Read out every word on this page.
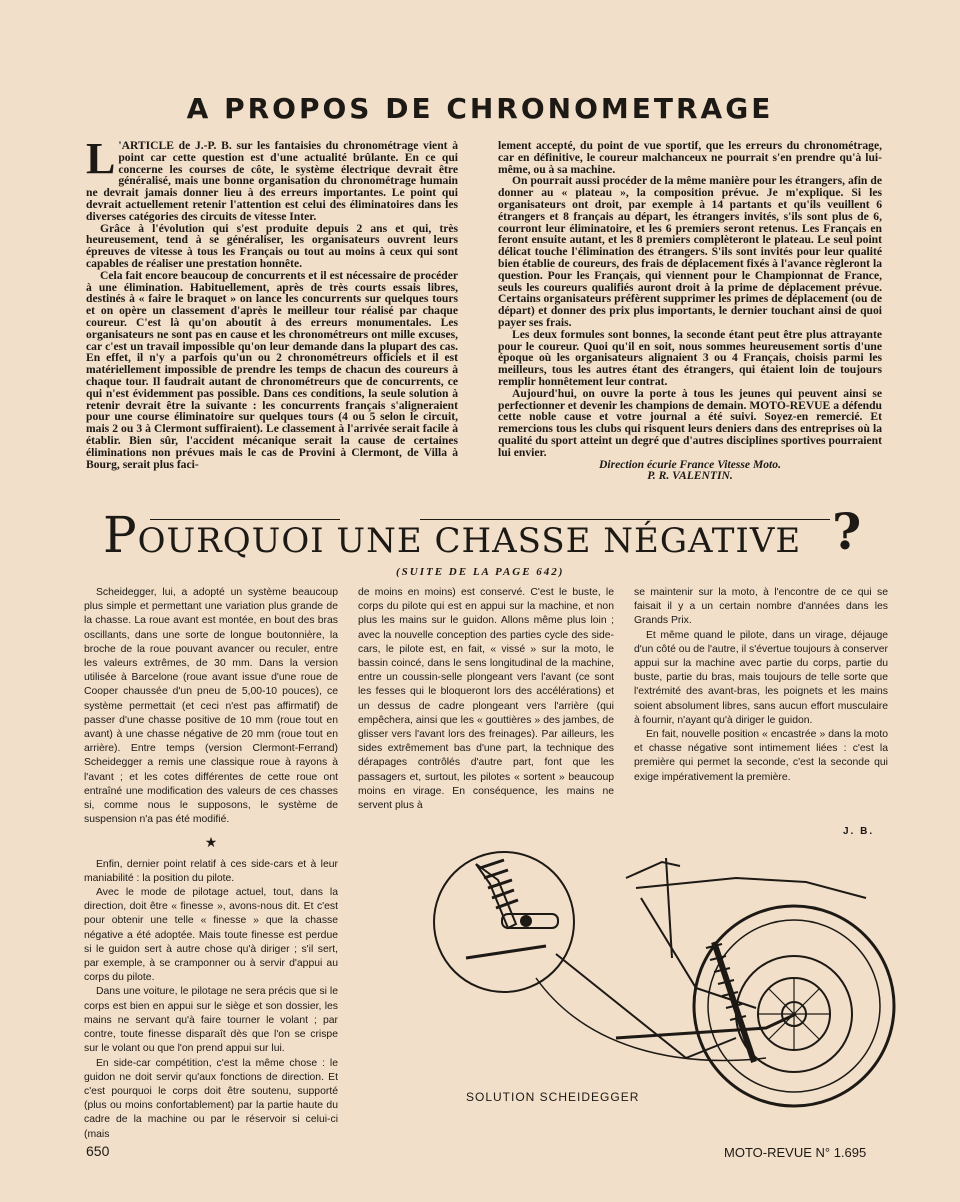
A PROPOS DE CHRONOMETRAGE

L 'ARTICLE de J.-P. B. sur les fantaisies du chronométrage vient à point car cette question est d'une actualité brûlante. En ce qui concerne les courses de côte, le système électrique devrait être généralisé, mais une bonne organisation du chronométrage humain ne devrait jamais donner lieu à des erreurs importantes. Le point qui devrait actuellement retenir l'attention est celui des éliminatoires dans les diverses catégories des circuits de vitesse Inter.

Grâce à l'évolution qui s'est produite depuis 2 ans et qui, très heureusement, tend à se généraliser, les organisateurs ouvrent leurs épreuves de vitesse à tous les Français ou tout au moins à ceux qui sont capables de réaliser une prestation honnête.

Cela fait encore beaucoup de concurrents et il est nécessaire de procéder à une élimination. Habituellement, après de très courts essais libres, destinés à « faire le braquet » on lance les concurrents sur quelques tours et on opère un classement d'après le meilleur tour réalisé par chaque coureur. C'est là qu'on aboutit à des erreurs monumentales. Les organisateurs ne sont pas en cause et les chronométreurs ont mille excuses, car c'est un travail impossible qu'on leur demande dans la plupart des cas. En effet, il n'y a parfois qu'un ou 2 chronométreurs officiels et il est matériellement impossible de prendre les temps de chacun des coureurs à chaque tour. Il faudrait autant de chronométreurs que de concurrents, ce qui n'est évidemment pas possible. Dans ces conditions, la seule solution à retenir devrait être la suivante : les concurrents français s'aligneraient pour une course éliminatoire sur quelques tours (4 ou 5 selon le circuit, mais 2 ou 3 à Clermont suffiraient). Le classement à l'arrivée serait facile à établir. Bien sûr, l'accident mécanique serait la cause de certaines éliminations non prévues mais le cas de Provini à Clermont, de Villa à Bourg, serait plus faci-

lement accepté, du point de vue sportif, que les erreurs du chronométrage, car en définitive, le coureur malchanceux ne pourrait s'en prendre qu'à lui-même, ou à sa machine.

On pourrait aussi procéder de la même manière pour les étrangers, afin de donner au « plateau », la composition prévue. Je m'explique. Si les organisateurs ont droit, par exemple à 14 partants et qu'ils veuillent 6 étrangers et 8 français au départ, les étrangers invités, s'ils sont plus de 6, courront leur éliminatoire, et les 6 premiers seront retenus. Les Français en feront ensuite autant, et les 8 premiers complèteront le plateau. Le seul point délicat touche l'élimination des étrangers. S'ils sont invités pour leur qualité bien établie de coureurs, des frais de déplacement fixés à l'avance règleront la question. Pour les Français, qui viennent pour le Championnat de France, seuls les coureurs qualifiés auront droit à la prime de déplacement prévue. Certains organisateurs préfèrent supprimer les primes de déplacement (ou de départ) et donner des prix plus importants, le dernier touchant ainsi de quoi payer ses frais.

Les deux formules sont bonnes, la seconde étant peut être plus attrayante pour le coureur. Quoi qu'il en soit, nous sommes heureusement sortis d'une époque où les organisateurs alignaient 3 ou 4 Français, choisis parmi les meilleurs, tous les autres étant des étrangers, qui étaient loin de toujours remplir honnêtement leur contrat.

Aujourd'hui, on ouvre la porte à tous les jeunes qui peuvent ainsi se perfectionner et devenir les champions de demain. MOTO-REVUE a défendu cette noble cause et votre journal a été suivi. Soyez-en remercié. Et remercions tous les clubs qui risquent leurs deniers dans des entreprises où la qualité du sport atteint un degré que d'autres disciplines sportives pourraient lui envier.

Direction écurie France Vitesse Moto.

P. R. VALENTIN.

POURQUOI UNE CHASSE NÉGATIVE ?
(SUITE DE LA PAGE 642)

Scheidegger, lui, a adopté un système beaucoup plus simple et permettant une variation plus grande de la chasse. La roue avant est montée, en bout des bras oscillants, dans une sorte de longue boutonnière, la broche de la roue pouvant avancer ou reculer, entre les valeurs extrêmes, de 30 mm. Dans la version utilisée à Barcelone (roue avant issue d'une roue de Cooper chaussée d'un pneu de 5,00-10 pouces), ce système permettait (et ceci n'est pas affirmatif) de passer d'une chasse positive de 10 mm (roue tout en avant) à une chasse négative de 20 mm (roue tout en arrière). Entre temps (version Clermont-Ferrand) Scheidegger a remis une classique roue à rayons à l'avant ; et les cotes différentes de cette roue ont entraîné une modification des valeurs de ces chasses si, comme nous le supposons, le système de suspension n'a pas été modifié.

★

Enfin, dernier point relatif à ces side-cars et à leur maniabilité : la position du pilote.

Avec le mode de pilotage actuel, tout, dans la direction, doit être « finesse », avons-nous dit. Et c'est pour obtenir une telle « finesse » que la chasse négative a été adoptée. Mais toute finesse est perdue si le guidon sert à autre chose qu'à diriger ; s'il sert, par exemple, à se cramponner ou à servir d'appui au corps du pilote.

Dans une voiture, le pilotage ne sera précis que si le corps est bien en appui sur le siège et son dossier, les mains ne servant qu'à faire tourner le volant ; par contre, toute finesse disparaît dès que l'on se crispe sur le volant ou que l'on prend appui sur lui.

En side-car compétition, c'est la même chose : le guidon ne doit servir qu'aux fonctions de direction. Et c'est pourquoi le corps doit être soutenu, supporté (plus ou moins confortablement) par la partie haute du cadre de la machine ou par le réservoir si celui-ci (mais

de moins en moins) est conservé. C'est le buste, le corps du pilote qui est en appui sur la machine, et non plus les mains sur le guidon. Allons même plus loin ; avec la nouvelle conception des parties cycle des side-cars, le pilote est, en fait, « vissé » sur la moto, le bassin coincé, dans le sens longitudinal de la machine, entre un coussin-selle plongeant vers l'avant (ce sont les fesses qui le bloqueront lors des accélérations) et un dessus de cadre plongeant vers l'arrière (qui empêchera, ainsi que les « gouttières » des jambes, de glisser vers l'avant lors des freinages). Par ailleurs, les sides extrêmement bas d'une part, la technique des dérapages contrôlés d'autre part, font que les passagers et, surtout, les pilotes « sortent » beaucoup moins en virage. En conséquence, les mains ne servent plus à

se maintenir sur la moto, à l'encontre de ce qui se faisait il y a un certain nombre d'années dans les Grands Prix.

Et même quand le pilote, dans un virage, déjauge d'un côté ou de l'autre, il s'évertue toujours à conserver appui sur la machine avec partie du corps, partie du buste, partie du bras, mais toujours de telle sorte que l'extrémité des avant-bras, les poignets et les mains soient absolument libres, sans aucun effort musculaire à fournir, n'ayant qu'à diriger le guidon.

En fait, nouvelle position « encastrée » dans la moto et chasse négative sont intimement liées : c'est la première qui permet la seconde, c'est la seconde qui exige impérativement la première.

J. B.
SOLUTION SCHEIDEGGER
650	MOTO-REVUE N° 1.695
